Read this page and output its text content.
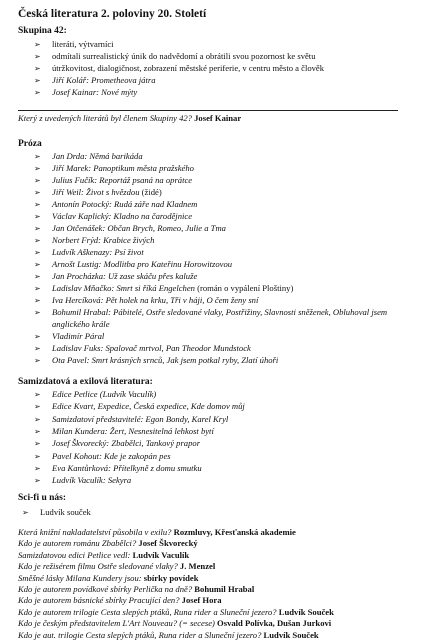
Česká literatura 2. poloviny 20. Století
Skupina 42:
➢ literáti, výtvarníci
➢ odmítali surrealistický únik do nadvědomí a obrátili svou pozornost ke světu
➢ útržkovitost, dialogičnost, zobrazení městské periferie, v centru město a člověk
➢ Jiří Kolář: Prometheova játra
➢ Josef Kainar: Nové mýty
Který z uvedených literátů byl členem Skupiny 42? Josef Kainar
Próza
➢ Jan Drda: Němá barikáda
➢ Jiří Marek: Panoptikum města pražského
➢ Julius Fučík: Reportáž psaná na oprátce
➢ Jiří Weil: Život s hvězdou (židé)
➢ Antonín Potocký: Rudá záře nad Kladnem
➢ Václav Kaplický: Kladno na čarodějnice
➢ Jan Otčenášek: Občan Brych, Romeo, Julie a Tma
➢ Norbert Frýd: Krabice živých
➢ Ludvík Aškenazy: Psí život
➢ Arnošt Lustig: Modlitba pro Kateřinu Horowitzovou
➢ Jan Procházka: Už zase skáču přes kaluže
➢ Ladislav Mňačko: Smrt si říká Engelchen (román o vypálení Ploštiny)
➢ Iva Hercíková: Pět holek na krku, Tři v háji, O čem ženy sní
➢ Bohumil Hrabal: Pábitelé, Ostře sledované vlaky, Postřižiny, Slavnosti sněženek, Obluhoval jsem
anglického krále
➢ Vladimír Páral
➢ Ladislav Fuks: Spalovač mrtvol, Pan Theodor Mundstock
➢ Ota Pavel: Smrt krásných srnců, Jak jsem potkal ryby, Zlatí úhoři
Samizdatová a exilová literatura:
➢ Edice Petlice (Ludvík Vaculík)
➢ Edice Kvart, Expedice, Česká expedice, Kde domov můj
➢ Samizdatoví představitelé: Egon Bondy, Karel Kryl
➢ Milan Kundera: Žert, Nesnesitelná lehkost bytí
➢ Josef Škvorecký: Zbabělci, Tankový prapor
➢ Pavel Kohout: Kde je zakopán pes
➢ Eva Kantůrková: Přítelkyně z domu smutku
➢ Ludvík Vaculík: Sekyra
Sci-fi u nás:
➢ Ludvík souček
Která knižní nakladatelství působila v exilu? Rozmluvy, Křesťanská akademie
Kdo je autorem románu Zbabělci? Josef Škvorecký
Samizdatovou edici Petlice vedl: Ludvík Vaculík
Kdo je režisérem filmu Ostře sledované vlaky? J. Menzel
Směšné lásky Milana Kundery jsou: sbírky povídek
Kdo je autorem povídkové sbírky Perlička na dně? Bohumil Hrabal
Kdo je autorem básnické sbírky Pracující den? Josef Hora
Kdo je autorem trilogie Cesta slepých ptáků, Runa rider a Sluneční jezero? Ludvík Souček
Kdo je českým představitelem L'Art Nouveau? (= secese) Osvald Polívka, Dušan Jurkovi
Kdo je aut. trilogie Cesta slepých ptáků, Runa rider a Sluneční jezero? Ludvík Souček
